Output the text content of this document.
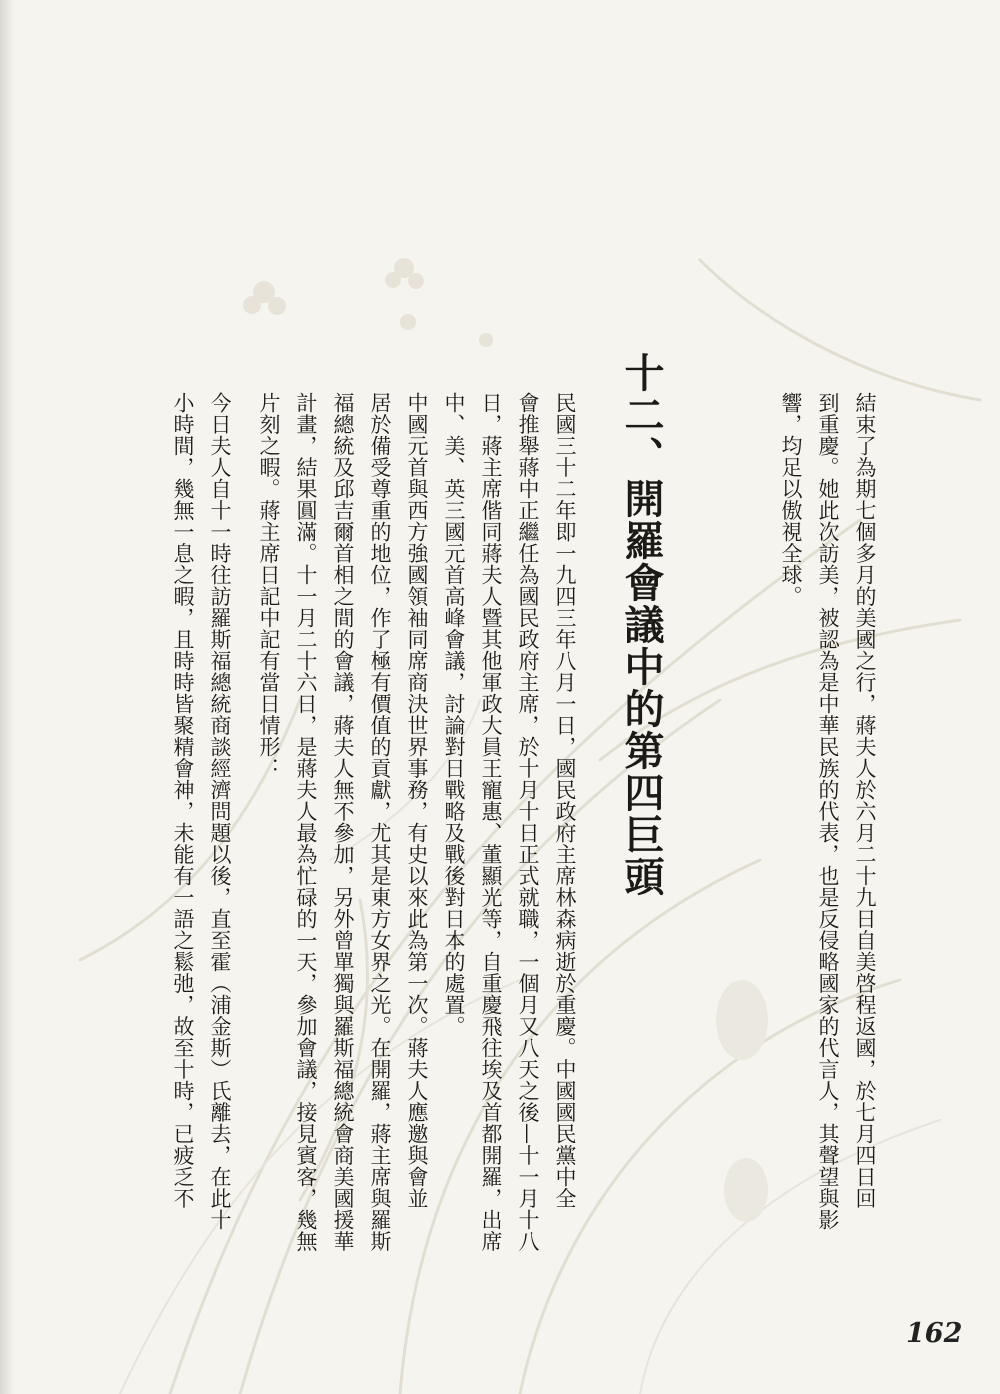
結束了為期七個多月的美國之行，蔣夫人於六月二十九日自美啓程返國，於七月四日回
到重慶。她此次訪美，被認為是中華民族的代表，也是反侵略國家的代言人，其聲望與影
響，均足以傲視全球。
十二、開羅會議中的第四巨頭
民國三十二年即一九四三年八月一日，國民政府主席林森病逝於重慶。中國國民黨中全
會推舉蔣中正繼任為國民政府主席，於十月十日正式就職，一個月又八天之後—十一月十八
日，蔣主席偕同蔣夫人暨其他軍政大員王寵惠、董顯光等，自重慶飛往埃及首都開羅，出席
中、美、英三國元首高峰會議，討論對日戰略及戰後對日本的處置。
中國元首與西方強國領袖同席商決世界事務，有史以來此為第一次。蔣夫人應邀與會並
居於備受尊重的地位，作了極有價值的貢獻，尤其是東方女界之光。在開羅，蔣主席與羅斯
福總統及邱吉爾首相之間的會議，蔣夫人無不參加，另外曾單獨與羅斯福總統會商美國援華
計畫，結果圓滿。十一月二十六日，是蔣夫人最為忙碌的一天，參加會議，接見賓客，幾無
片刻之暇。蔣主席日記中記有當日情形：
今日夫人自十一時往訪羅斯福總統商談經濟問題以後，直至霍（浦金斯）氏離去，在此十
小時間，幾無一息之暇，且時時皆聚精會神，未能有一語之鬆弛，故至十時，已疲乏不
162
